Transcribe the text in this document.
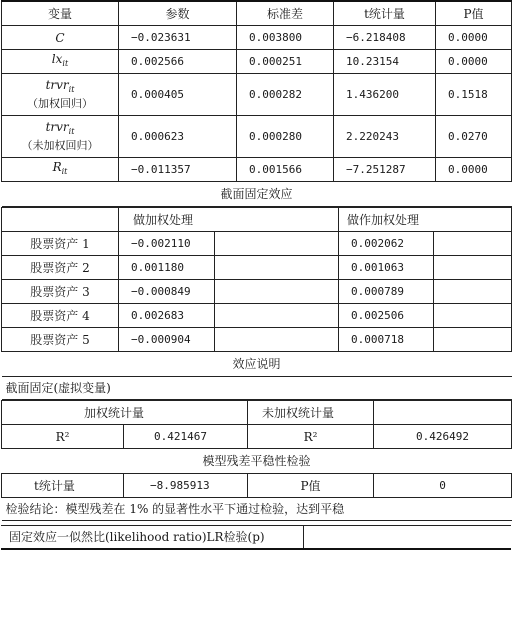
变量	参数	标准差	t统计量	P值
C	−0.023631	0.003800	−6.218408	0.0000
$lx_{it}$	0.002566	0.000251	10.23154	0.0000

trvr$_{it}$
（加权回归）	0.000405	0.000282	1.436200	0.1518

trvr$_{it}$
（未加权回归）	0.000623	0.000280	2.220243	0.0270
$R_{it}$	−0.011357	0.001566	−7.251287	0.0000
截面固定效应				
	做加权处理		做作加权处理	
股票资产 1	−0.002110		0.002062	
股票资产 2	0.001180		0.001063	
股票资产 3	−0.000849		0.000789	
股票资产 4	0.002683		0.002506	
股票资产 5	−0.000904		0.000718	
效应说明				
截面固定(虚拟变量)				
加权统计量		未加权统计量	
R²	0.421467	R²	0.426492
模型残差平稳性检验			
t统计量	−8.985913	P值	0
检验结论：模型残差在 1% 的显著性水平下通过检验，达到平稳			
固定效应一似然比(likelihood ratio)LR检验(p)	
